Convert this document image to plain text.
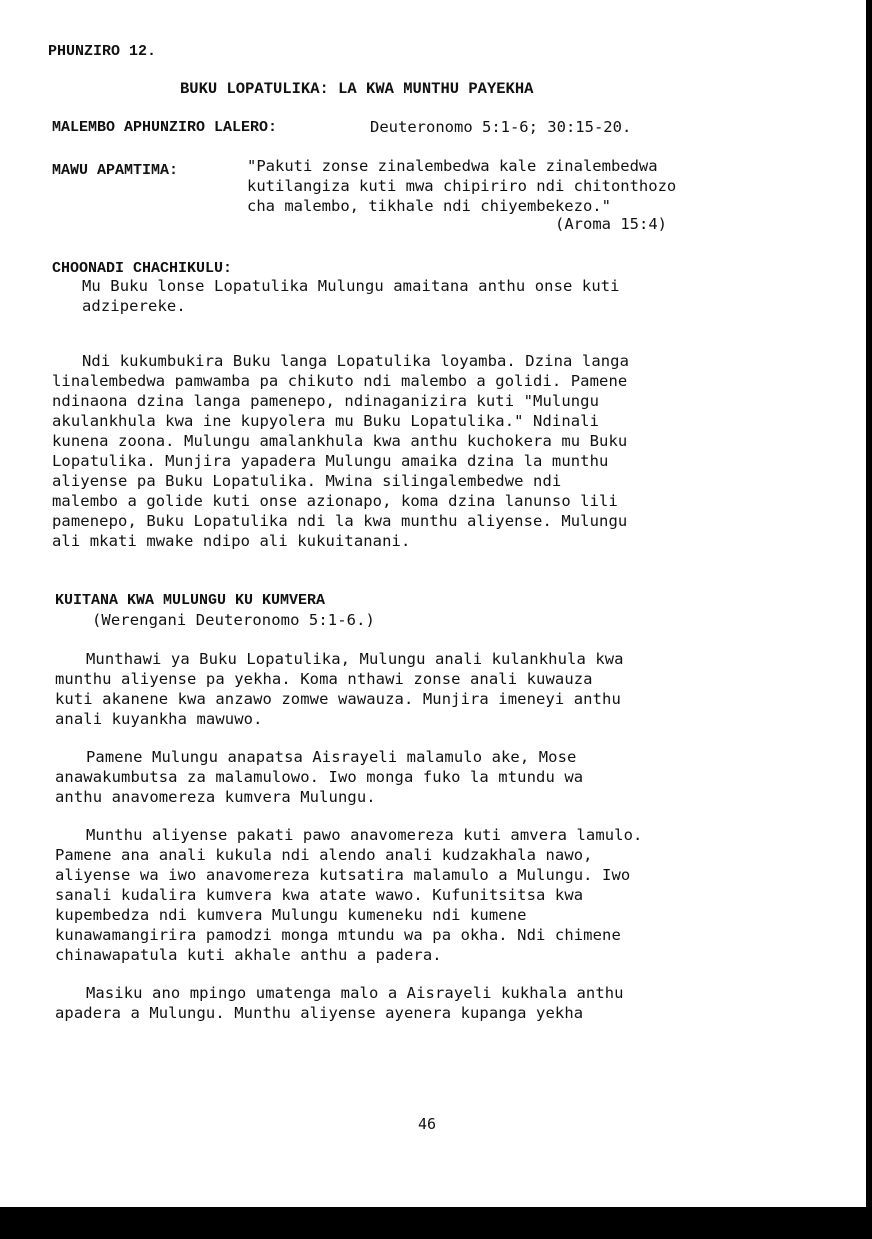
PHUNZIRO 12.
BUKU LOPATULIKA: LA KWA MUNTHU PAYEKHA
MALEMBO APHUNZIRO LALERO:	Deuteronomo 5:1-6; 30:15-20.
MAWU APAMTIMA:	"Pakuti zonse zinalembedwa kale zinalembedwa
kutilangiza kuti mwa chipiriro ndi chitonthozo
cha malembo, tikhale ndi chiyembekezo."
(Aroma 15:4)
CHOONADI CHACHIKULU:
Mu Buku lonse Lopatulika Mulungu amaitana anthu onse kuti
adzipereke.
Ndi kukumbukira Buku langa Lopatulika loyamba. Dzina langa
linalembedwa pamwamba pa chikuto ndi malembo a golidi. Pamene
ndinaona dzina langa pamenepo, ndinaganizira kuti "Mulungu
akulankhula kwa ine kupyolera mu Buku Lopatulika." Ndinali
kunena zoona. Mulungu amalankhula kwa anthu kuchokera mu Buku
Lopatulika. Munjira yapadera Mulungu amaika dzina la munthu
aliyense pa Buku Lopatulika. Mwina silingalembedwe ndi
malembo a golide kuti onse azionapo, koma dzina lanunso lili
pamenepo, Buku Lopatulika ndi la kwa munthu aliyense. Mulungu
ali mkati mwake ndipo ali kukuitanani.
KUITANA KWA MULUNGU KU KUMVERA
(Werengani Deuteronomo 5:1-6.)
Munthawi ya Buku Lopatulika, Mulungu anali kulankhula kwa
munthu aliyense pa yekha. Koma nthawi zonse anali kuwauza
kuti akanene kwa anzawo zomwe wawauza. Munjira imeneyi anthu
anali kuyankha mawuwo.
Pamene Mulungu anapatsa Aisrayeli malamulo ake, Mose
anawakumbutsa za malamulowo. Iwo monga fuko la mtundu wa
anthu anavomereza kumvera Mulungu.
Munthu aliyense pakati pawo anavomereza kuti amvera lamulo.
Pamene ana anali kukula ndi alendo anali kudzakhala nawo,
aliyense wa iwo anavomereza kutsatira malamulo a Mulungu. Iwo
sanali kudalira kumvera kwa atate wawo. Kufunitsitsa kwa
kupembedza ndi kumvera Mulungu kumeneku ndi kumene
kunawamangirira pamodzi monga mtundu wa pa okha. Ndi chimene
chinawapatula kuti akhale anthu a padera.
Masiku ano mpingo umatenga malo a Aisrayeli kukhala anthu
apadera a Mulungu. Munthu aliyense ayenera kupanga yekha
46
